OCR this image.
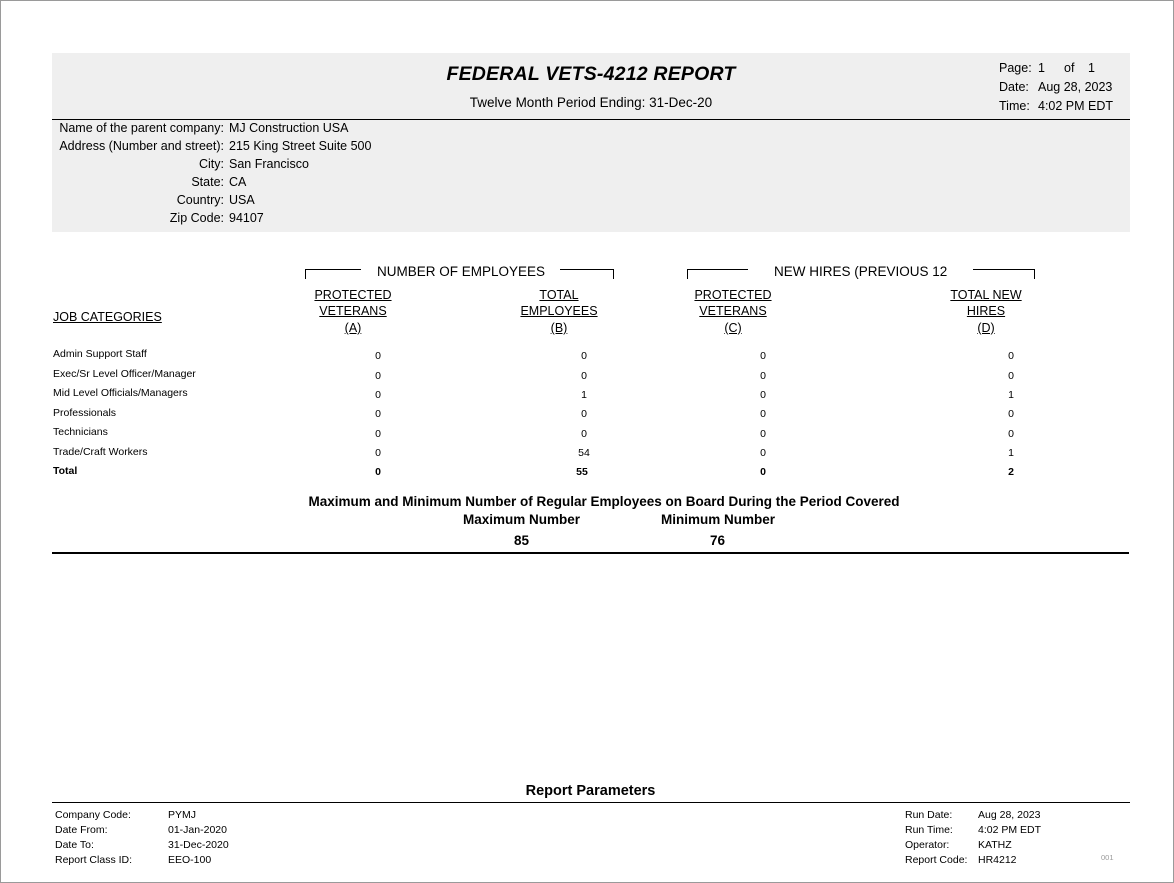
FEDERAL VETS-4212 REPORT
Twelve Month Period Ending: 31-Dec-20
Page: 1 of 1
Date: Aug 28, 2023
Time: 4:02 PM EDT
Name of the parent company: MJ Construction USA
Address (Number and street): 215 King Street Suite 500
City: San Francisco
State: CA
Country: USA
Zip Code: 94107
NUMBER OF EMPLOYEES	NEW HIRES (PREVIOUS 12
JOB CATEGORIES
PROTECTED
VETERANS
(A)
TOTAL
EMPLOYEES
(B)
PROTECTED
VETERANS
(C)
TOTAL NEW
HIRES
(D)
Admin Support Staff	0	0	0	0
Exec/Sr Level Officer/Manager	0	0	0	0
Mid Level Officials/Managers	0	1	0	1
Professionals	0	0	0	0
Technicians	0	0	0	0
Trade/Craft Workers	0	54	0	1
Total	0	55	0	2
Maximum and Minimum Number of Regular Employees on Board During the Period Covered
Maximum Number	Minimum Number
85	76
Report Parameters
Company Code:	PYMJ
Date From:	01-Jan-2020
Date To:	31-Dec-2020
Report Class ID:	EEO-100
Run Date: Aug 28, 2023
Run Time: 4:02 PM EDT
Operator:	KATHZ
Report Code: HR4212	001
